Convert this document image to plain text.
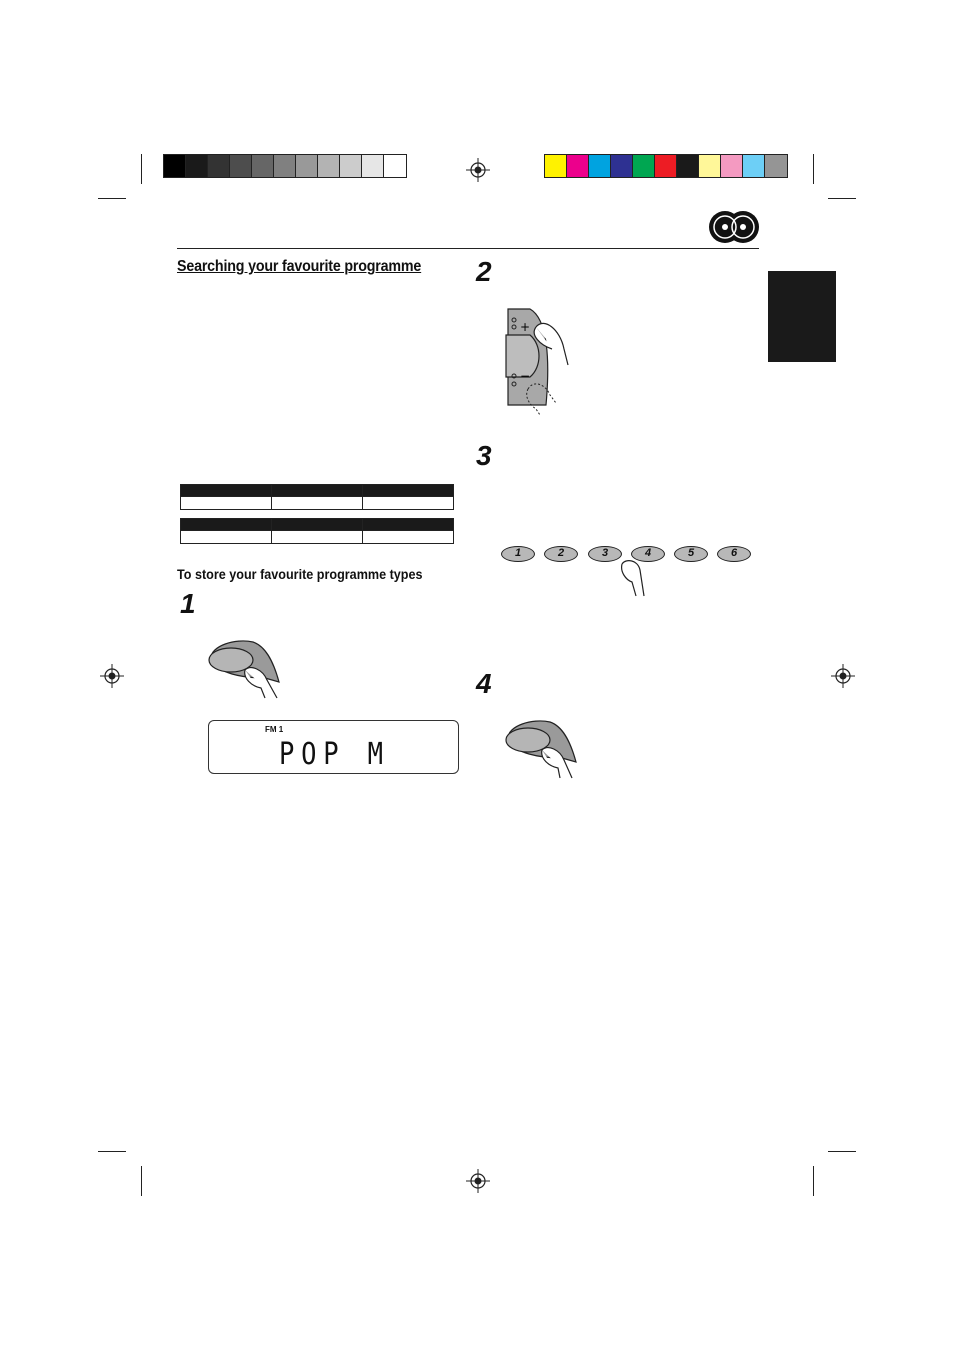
Searching your favourite programme

To store your favourite programme types
1
2
3
4
FM 1
POP M
+
−
1	2	3	4	5	6
